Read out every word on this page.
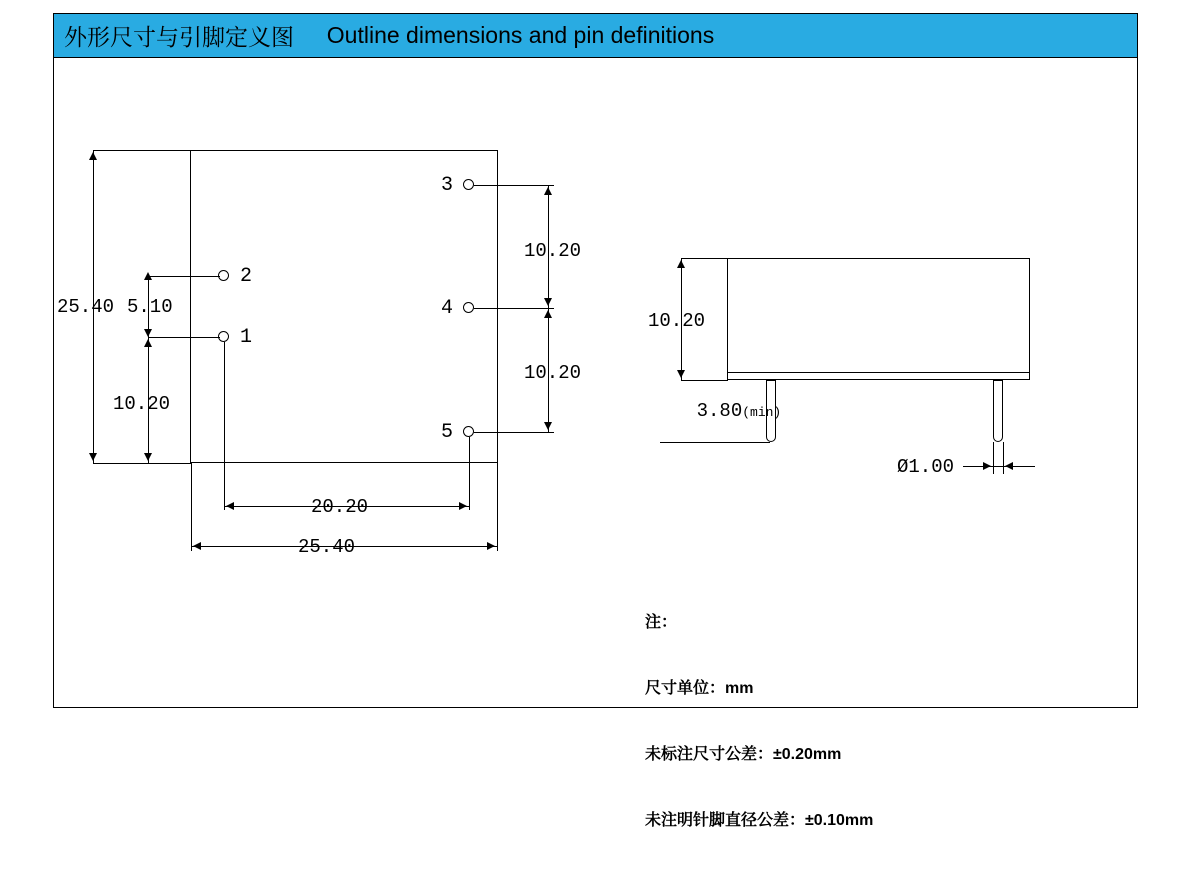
外形尺寸与引脚定义图
	Outline dimensions and pin definitions
2
1
3
4
5
25.40 5.10
10.20
10.20
10.20
20.20
25.40
10.20

3.80(min)

Ø1.00

注：

尺寸单位：mm

未标注尺寸公差：±0.20mm

未注明针脚直径公差：±0.10mm
